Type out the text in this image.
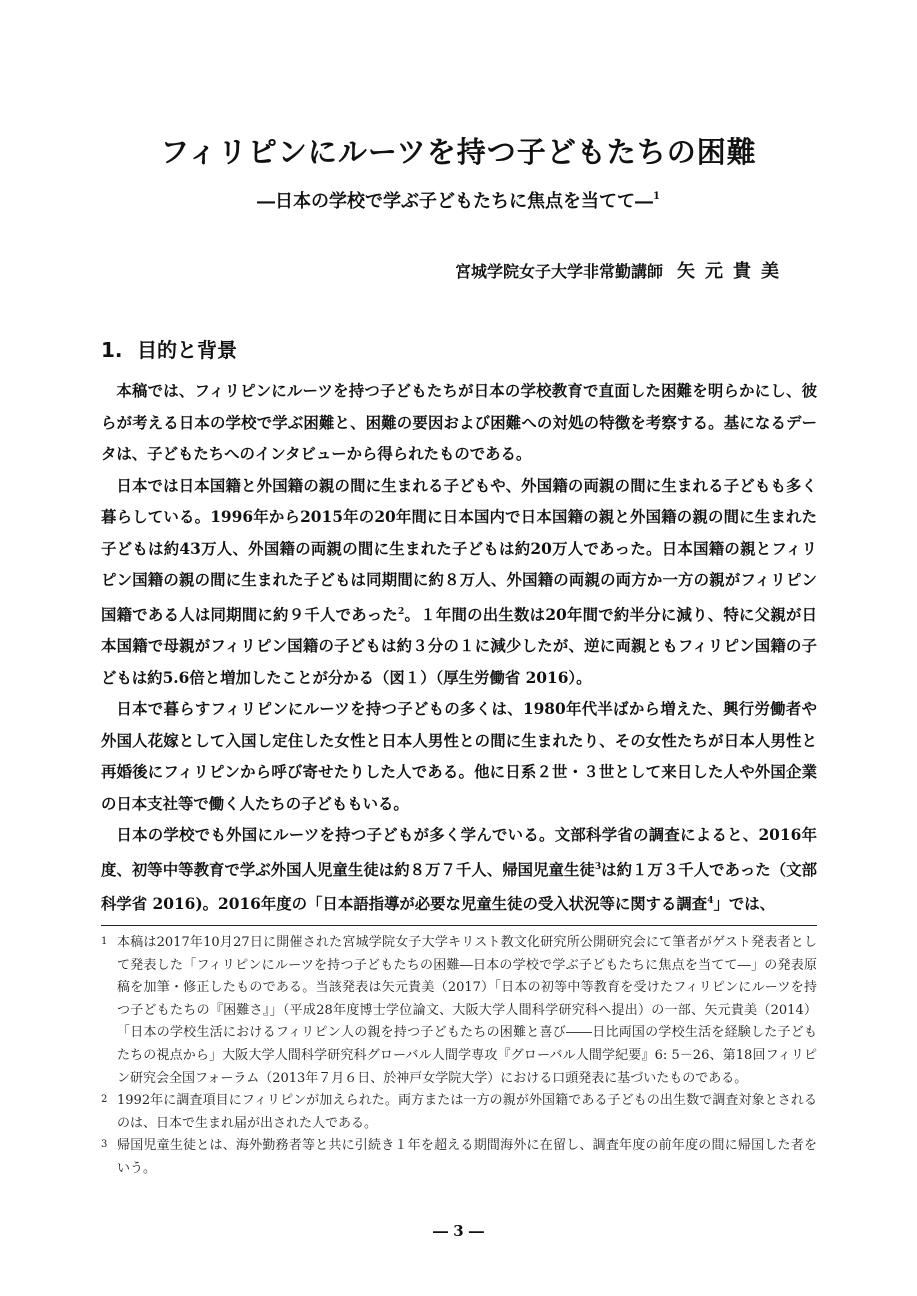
フィリピンにルーツを持つ子どもたちの困難
―日本の学校で学ぶ子どもたちに焦点を当てて―$^1$
宮城学院女子大学非常勤講師 矢元貴美
1. 目的と背景

本稿では、フィリピンにルーツを持つ子どもたちが日本の学校教育で直面した困難を明らかにし、彼らが考える日本の学校で学ぶ困難と、困難の要因および困難への対処の特徴を考察する。基になるデータは、子どもたちへのインタビューから得られたものである。

日本では日本国籍と外国籍の親の間に生まれる子どもや、外国籍の両親の間に生まれる子どもも多く暮らしている。1996年から2015年の20年間に日本国内で日本国籍の親と外国籍の親の間に生まれた子どもは約43万人、外国籍の両親の間に生まれた子どもは約20万人であった。日本国籍の親とフィリピン国籍の親の間に生まれた子どもは同期間に約８万人、外国籍の両親の両方か一方の親がフィリピン国籍である人は同期間に約９千人であった$^2$。１年間の出生数は20年間で約半分に減り、特に父親が日本国籍で母親がフィリピン国籍の子どもは約３分の１に減少したが、逆に両親ともフィリピン国籍の子どもは約5.6倍と増加したことが分かる（図１）（厚生労働省 2016）。

日本で暮らすフィリピンにルーツを持つ子どもの多くは、1980年代半ばから増えた、興行労働者や外国人花嫁として入国し定住した女性と日本人男性との間に生まれたり、その女性たちが日本人男性と再婚後にフィリピンから呼び寄せたりした人である。他に日系２世・３世として来日した人や外国企業の日本支社等で働く人たちの子どももいる。

日本の学校でも外国にルーツを持つ子どもが多く学んでいる。文部科学省の調査によると、2016年度、初等中等教育で学ぶ外国人児童生徒は約８万７千人、帰国児童生徒$^3$は約１万３千人であった（文部科学省 2016)。2016年度の「日本語指導が必要な児童生徒の受入状況等に関する調査$^4$」では、

1 本稿は2017年10月27日に開催された宮城学院女子大学キリスト教文化研究所公開研究会にて筆者がゲスト発表者として発表した「フィリピンにルーツを持つ子どもたちの困難―日本の学校で学ぶ子どもたちに焦点を当てて―」の発表原稿を加筆・修正したものである。当該発表は矢元貴美（2017）「日本の初等中等教育を受けたフィリピンにルーツを持つ子どもたちの『困難さ』」（平成28年度博士学位論文、大阪大学人間科学研究科へ提出）の一部、矢元貴美（2014）「日本の学校生活におけるフィリピン人の親を持つ子どもたちの困難と喜び――日比両国の学校生活を経験した子どもたちの視点から」大阪大学人間科学研究科グローバル人間学専攻『グローバル人間学紀要』6: 5－26、第18回フィリピン研究会全国フォーラム（2013年７月６日、於神戸女学院大学）における口頭発表に基づいたものである。
2 1992年に調査項目にフィリピンが加えられた。両方または一方の親が外国籍である子どもの出生数で調査対象とされるのは、日本で生まれ届が出された人である。
3 帰国児童生徒とは、海外勤務者等と共に引続き１年を超える期間海外に在留し、調査年度の前年度の間に帰国した者をいう。
― 3 ―
